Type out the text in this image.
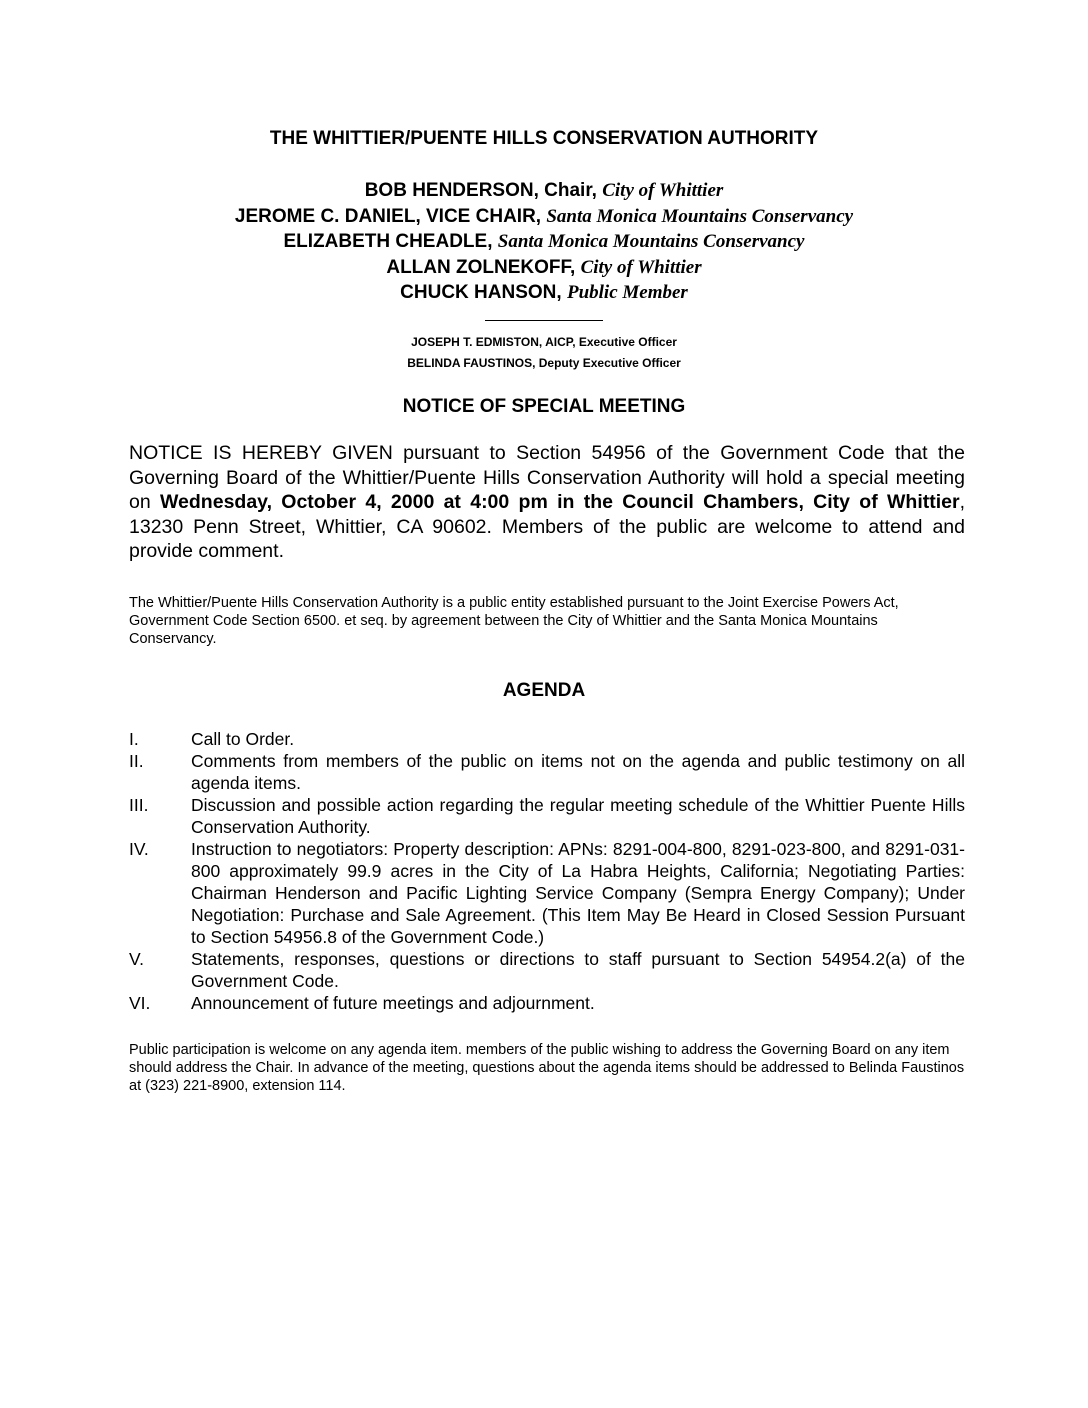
THE WHITTIER/PUENTE HILLS CONSERVATION AUTHORITY
BOB HENDERSON, Chair, City of Whittier
JEROME C. DANIEL, VICE CHAIR, Santa Monica Mountains Conservancy
ELIZABETH CHEADLE, Santa Monica Mountains Conservancy
ALLAN ZOLNEKOFF, City of Whittier
CHUCK HANSON, Public Member
JOSEPH T. EDMISTON, AICP, Executive Officer
BELINDA FAUSTINOS, Deputy Executive Officer
NOTICE OF SPECIAL MEETING
NOTICE IS HEREBY GIVEN pursuant to Section 54956 of the Government Code that the Governing Board of the Whittier/Puente Hills Conservation Authority will hold a special meeting on Wednesday, October 4, 2000 at 4:00 pm in the Council Chambers, City of Whittier, 13230 Penn Street, Whittier, CA 90602. Members of the public are welcome to attend and provide comment.
The Whittier/Puente Hills Conservation Authority is a public entity established pursuant to the Joint Exercise Powers Act, Government Code Section 6500. et seq. by agreement between the City of Whittier and the Santa Monica Mountains Conservancy.
AGENDA
I.	Call to Order.
II.	Comments from members of the public on items not on the agenda and public testimony on all agenda items.
III.	Discussion and possible action regarding the regular meeting schedule of the Whittier Puente Hills Conservation Authority.
IV.	Instruction to negotiators: Property description: APNs: 8291-004-800, 8291-023-800, and 8291-031-800 approximately 99.9 acres in the City of La Habra Heights, California; Negotiating Parties: Chairman Henderson and Pacific Lighting Service Company (Sempra Energy Company); Under Negotiation: Purchase and Sale Agreement. (This Item May Be Heard in Closed Session Pursuant to Section 54956.8 of the Government Code.)
V.	Statements, responses, questions or directions to staff pursuant to Section 54954.2(a) of the Government Code.
VI.	Announcement of future meetings and adjournment.
Public participation is welcome on any agenda item. members of the public wishing to address the Governing Board on any item should address the Chair. In advance of the meeting, questions about the agenda items should be addressed to Belinda Faustinos at (323) 221-8900, extension 114.
